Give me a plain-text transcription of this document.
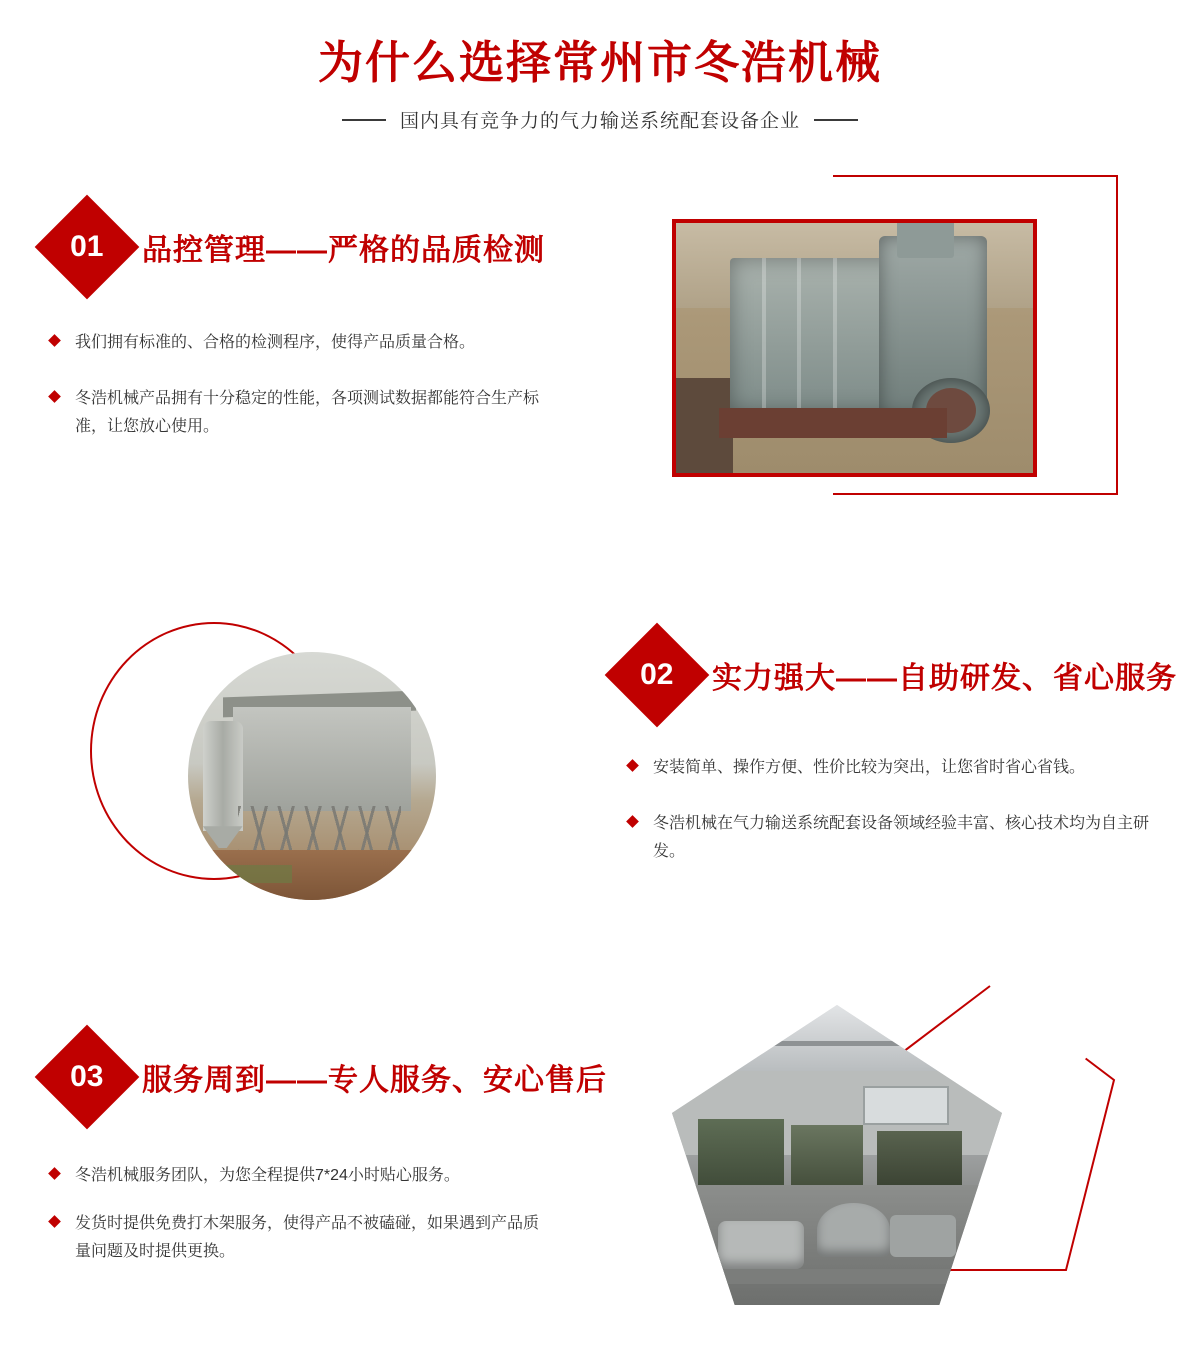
为什么选择常州市冬浩机械
国内具有竞争力的气力输送系统配套设备企业
01 品控管理——严格的品质检测
我们拥有标准的、合格的检测程序，使得产品质量合格。
冬浩机械产品拥有十分稳定的性能，各项测试数据都能符合生产标准，让您放心使用。
02 实力强大——自助研发、省心服务
安装简单、操作方便、性价比较为突出，让您省时省心省钱。
冬浩机械在气力输送系统配套设备领域经验丰富、核心技术均为自主研发。
03 服务周到——专人服务、安心售后
冬浩机械服务团队，为您全程提供7*24小时贴心服务。
发货时提供免费打木架服务，使得产品不被磕碰，如果遇到产品质量问题及时提供更换。
